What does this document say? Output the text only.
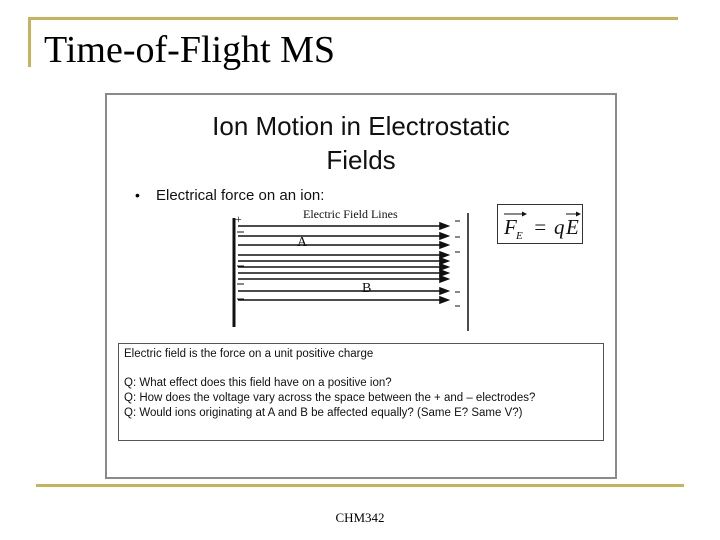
Time-of-Flight MS
Ion Motion in Electrostatic
Fields
• Electrical force on an ion:
+	Electric Field Lines
A
B
F E = q E
Electric field is the force on a unit positive charge
Q: What effect does this field have on a positive ion?
Q: How does the voltage vary across the space between the + and – electrodes?
Q: Would ions originating at A and B be affected equally? (Same E? Same V?)
CHM342
